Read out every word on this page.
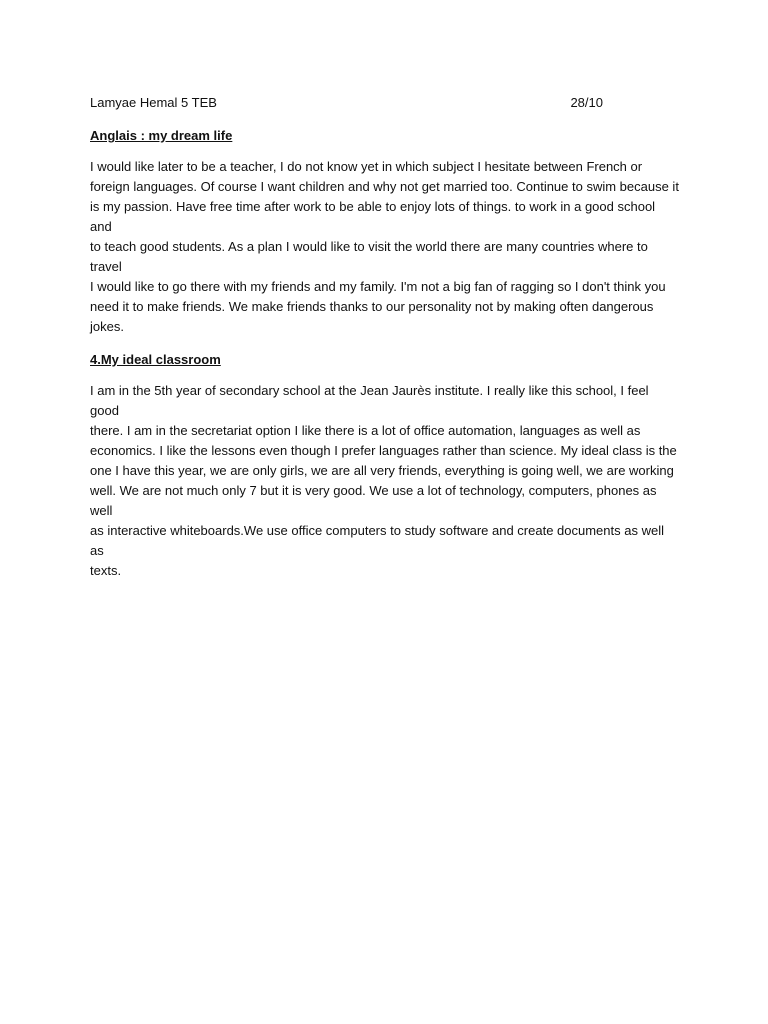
Lamyae Hemal 5 TEB	28/10
Anglais : my dream life
I would like later to be a teacher, I do not know yet in which subject I hesitate between French or
foreign languages. Of course I want children and why not get married too. Continue to swim because it
is my passion. Have free time after work to be able to enjoy lots of things. to work in a good school and
to teach good students. As a plan I would like to visit the world there are many countries where to travel
I would like to go there with my friends and my family. I'm not a big fan of ragging so I don't think you
need it to make friends. We make friends thanks to our personality not by making often dangerous
jokes.
4.My ideal classroom
I am in the 5th year of secondary school at the Jean Jaurès institute. I really like this school, I feel good
there. I am in the secretariat option I like there is a lot of office automation, languages as well as
economics. I like the lessons even though I prefer languages rather than science. My ideal class is the
one I have this year, we are only girls, we are all very friends, everything is going well, we are working
well. We are not much only 7 but it is very good. We use a lot of technology, computers, phones as well
as interactive whiteboards.We use office computers to study software and create documents as well as
texts.
